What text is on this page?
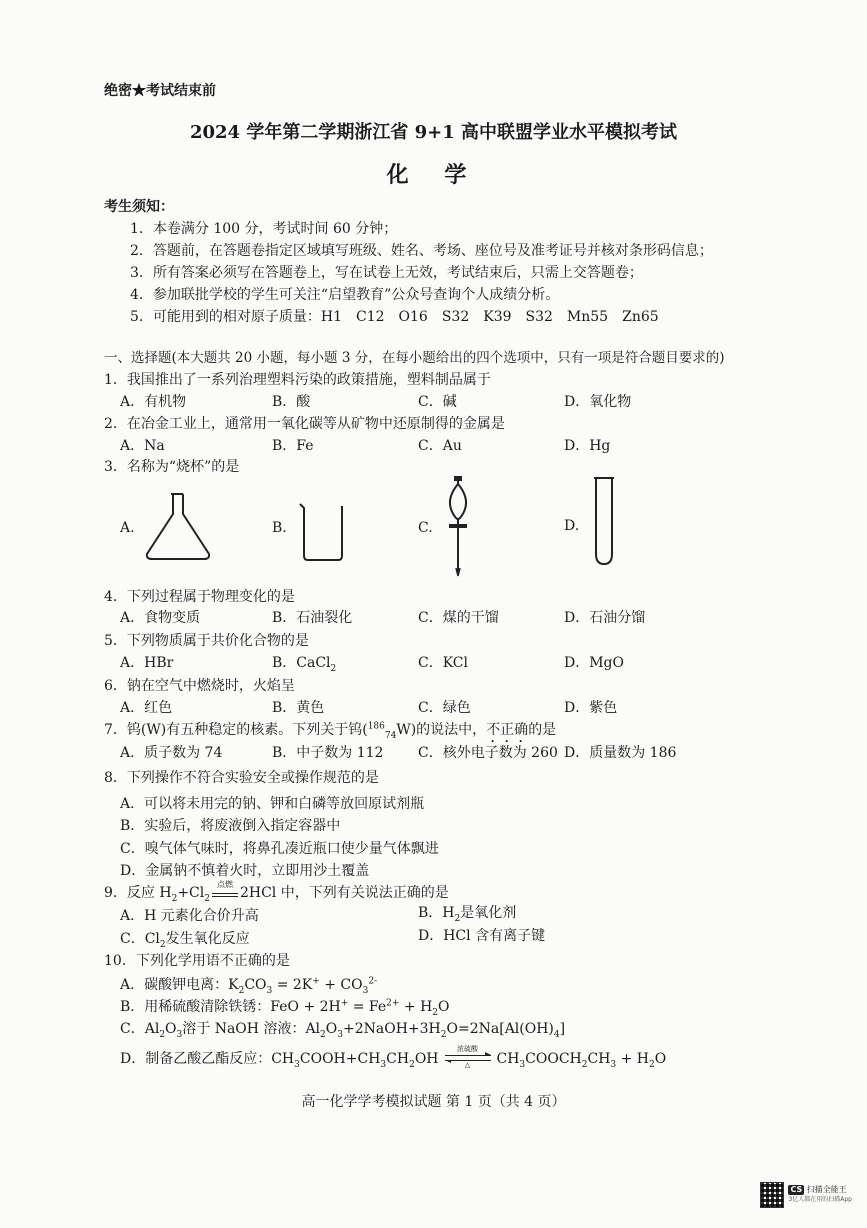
绝密★考试结束前
2024 学年第二学期浙江省 9+1 高中联盟学业水平模拟考试
化 学
考生须知：
1．本卷满分 100 分，考试时间 60 分钟；
2．答题前，在答题卷指定区域填写班级、姓名、考场、座位号及准考证号并核对条形码信息；
3．所有答案必须写在答题卷上，写在试卷上无效，考试结束后，只需上交答题卷；
4．参加联批学校的学生可关注“启望教育”公众号查询个人成绩分析。
5．可能用到的相对原子质量：H1　C12　O16　S32　K39　S32　Mn55　Zn65
一、选择题(本大题共 20 小题，每小题 3 分，在每小题给出的四个选项中，只有一项是符合题目要求的)
1．我国推出了一系列治理塑料污染的政策措施，塑料制品属于
A．有机物	B．酸	C．碱	D．氧化物
2．在冶金工业上，通常用一氧化碳等从矿物中还原制得的金属是
A．Na	B．Fe	C．Au	D．Hg
3．名称为“烧杯”的是
A.	B.	C.	D.
4．下列过程属于物理变化的是
A．食物变质	B．石油裂化	C．煤的干馏	D．石油分馏
5．下列物质属于共价化合物的是
A．HBr	B．CaCl$_2$	C．KCl	D．MgO
6．钠在空气中燃烧时，火焰呈
A．红色	B．黄色	C．绿色	D．紫色
7．钨(W)有五种稳定的核素。下列关于钨($^{186}_{74}$W)的说法中，不正确的是
A．质子数为 74	B．中子数为 112 C．核外电子数为 260 D．质量数为 186
8．下列操作不符合实验安全或操作规范的是
A．可以将未用完的钠、钾和白磷等放回原试剂瓶
B．实验后，将废液倒入指定容器中
C．嗅气体气味时，将鼻孔凑近瓶口使少量气体飘进
D．金属钠不慎着火时，立即用沙土覆盖
9．反应 $H_2+Cl_2$
点燃
2HCl 中，下列有关说法正确的是
A．H 元素化合价升高	B．$H_2$是氧化剂
C．$Cl_2$发生氧化反应	D．HCl 含有离子键
10．下列化学用语不正确的是
A．碳酸钾电离：$K_2CO_3 = 2K^+ + CO_3^{2-}$
B．用稀硫酸清除铁锈：FeO + $2H^+ = Fe^{2+} + H_2O$
C．$Al_2O_3$溶于 NaOH 溶液：$Al_2O_3+2NaOH+3H_2O=2Na[Al(OH)_4]$
D．制备乙酸乙酯反应：$CH_3COOH+CH_3CH_2OH$
浓硫酸
△	$CH_3COOCH_2CH_3 + H_2O$
高一化学学考模拟试题 第 1 页（共 4 页）
CS 扫描全能王
3亿人都在用的扫描App
